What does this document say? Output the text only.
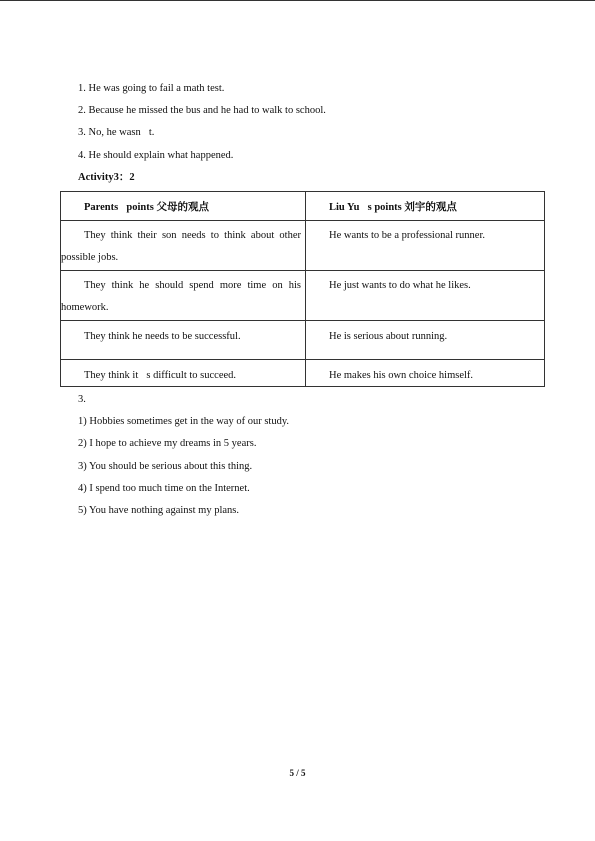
1. He was going to fail a math test.
2. Because he missed the bus and he had to walk to school.
3. No, he wasn t.
4. He should explain what happened.
Activity3：2
Parents points 父母的观点	Liu Yu s points 刘宇的观点

They think their son needs to think about other possible jobs.	He wants to be a professional runner.

They think he should spend more time on his homework.	He just wants to do what he likes.

They think he needs to be successful.	He is serious about running.

They think it s difficult to succeed.	He makes his own choice himself.
3.
1) Hobbies sometimes get in the way of our study.
2) I hope to achieve my dreams in 5 years.
3) You should be serious about this thing.
4) I spend too much time on the Internet.
5) You have nothing against my plans.
5 / 5
